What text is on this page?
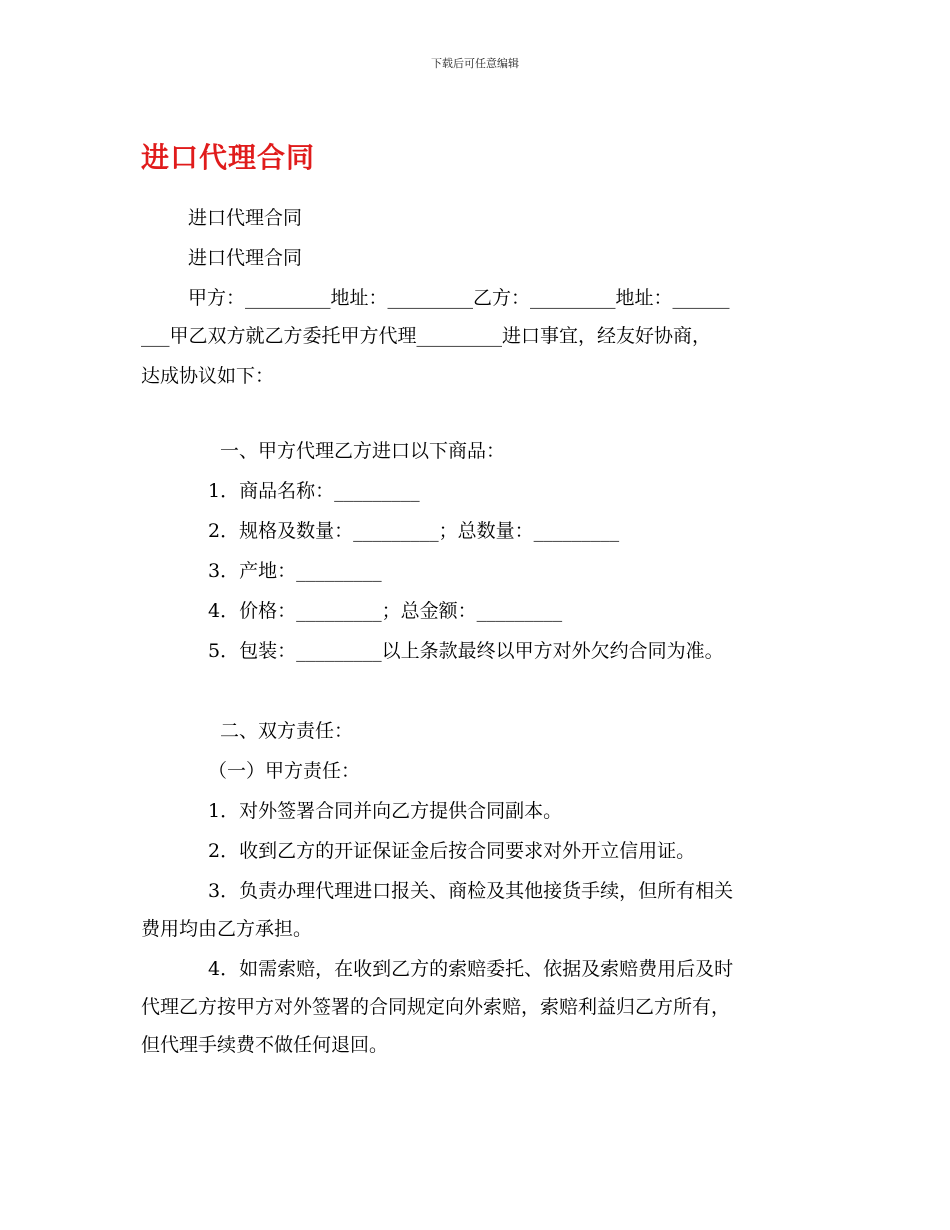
下载后可任意编辑
进口代理合同
进口代理合同
进口代理合同
甲方：_________地址：_________乙方：_________地址：______
___甲乙双方就乙方委托甲方代理_________进口事宜，经友好协商，
达成协议如下：
一、甲方代理乙方进口以下商品：
1．商品名称：_________
2．规格及数量：_________；总数量：_________
3．产地：_________
4．价格：_________；总金额：_________
5．包装：_________以上条款最终以甲方对外欠约合同为准。
二、双方责任：
（一）甲方责任：
1．对外签署合同并向乙方提供合同副本。
2．收到乙方的开证保证金后按合同要求对外开立信用证。
3．负责办理代理进口报关、商检及其他接货手续，但所有相关
费用均由乙方承担。
4．如需索赔，在收到乙方的索赔委托、依据及索赔费用后及时
代理乙方按甲方对外签署的合同规定向外索赔，索赔利益归乙方所有，
但代理手续费不做任何退回。
